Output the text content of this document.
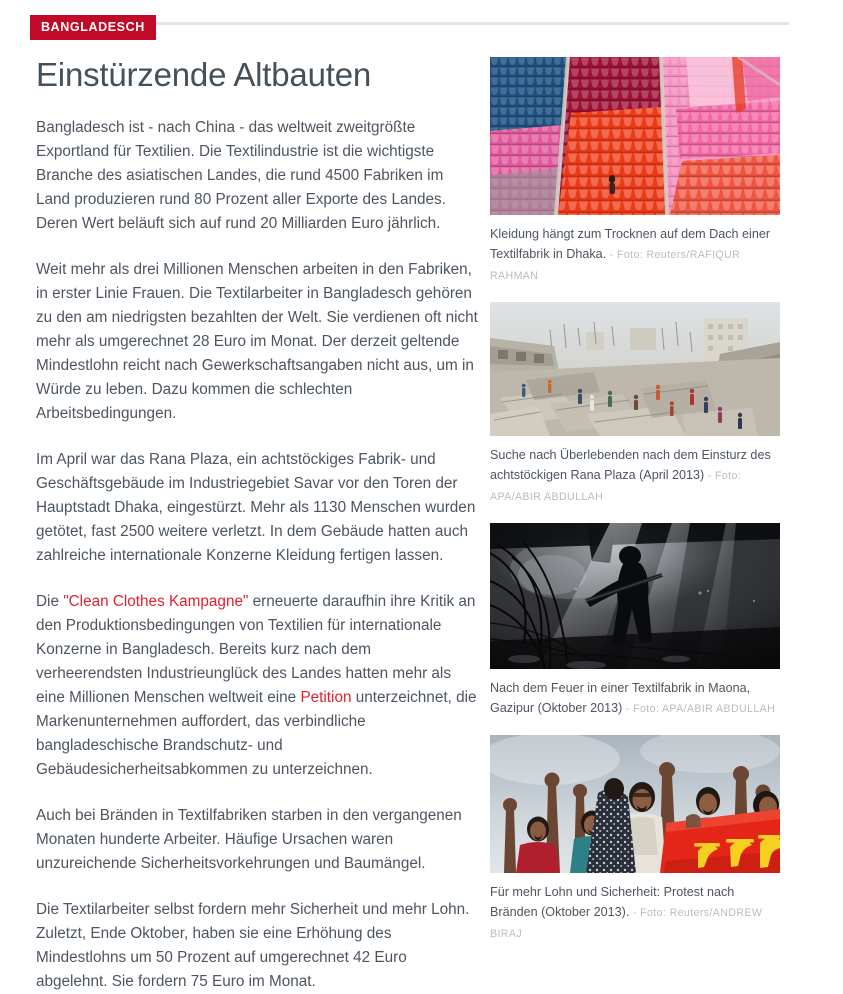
BANGLADESCH
Einstürzende Altbauten

Bangladesch ist - nach China - das weltweit zweitgrößte Exportland für Textilien. Die Textilindustrie ist die wichtigste Branche des asiatischen Landes, die rund 4500 Fabriken im Land produzieren rund 80 Prozent aller Exporte des Landes. Deren Wert beläuft sich auf rund 20 Milliarden Euro jährlich.

Weit mehr als drei Millionen Menschen arbeiten in den Fabriken, in erster Linie Frauen. Die Textilarbeiter in Bangladesch gehören zu den am niedrigsten bezahlten der Welt. Sie verdienen oft nicht mehr als umgerechnet 28 Euro im Monat. Der derzeit geltende Mindestlohn reicht nach Gewerkschaftsangaben nicht aus, um in Würde zu leben. Dazu kommen die schlechten Arbeitsbedingungen.

Im April war das Rana Plaza, ein achtstöckiges Fabrik- und Geschäftsgebäude im Industriegebiet Savar vor den Toren der Hauptstadt Dhaka, eingestürzt. Mehr als 1130 Menschen wurden getötet, fast 2500 weitere verletzt. In dem Gebäude hatten auch zahlreiche internationale Konzerne Kleidung fertigen lassen.

Die "Clean Clothes Kampagne" erneuerte daraufhin ihre Kritik an den Produktionsbedingungen von Textilien für internationale Konzerne in Bangladesch. Bereits kurz nach dem verheerendsten Industrieunglück des Landes hatten mehr als eine Millionen Menschen weltweit eine Petition unterzeichnet, die Markenunternehmen auffordert, das verbindliche bangladeschische Brandschutz- und Gebäudesicherheitsabkommen zu unterzeichnen.

Auch bei Bränden in Textilfabriken starben in den vergangenen Monaten hunderte Arbeiter. Häufige Ursachen waren unzureichende Sicherheitsvorkehrungen und Baumängel.

Die Textilarbeiter selbst fordern mehr Sicherheit und mehr Lohn. Zuletzt, Ende Oktober, haben sie eine Erhöhung des Mindestlohns um 50 Prozent auf umgerechnet 42 Euro abgelehnt. Sie fordern 75 Euro im Monat.

Kleidung hängt zum Trocknen auf dem Dach einer Textilfabrik in Dhaka. - Foto: Reuters/RAFIQUR RAHMAN

Suche nach Überlebenden nach dem Einsturz des achtstöckigen Rana Plaza (April 2013) - Foto: APA/ABIR ABDULLAH

Nach dem Feuer in einer Textilfabrik in Maona, Gazipur (Oktober 2013) - Foto: APA/ABIR ABDULLAH

Für mehr Lohn und Sicherheit: Protest nach Bränden (Oktober 2013). - Foto: Reuters/ANDREW BIRAJ
